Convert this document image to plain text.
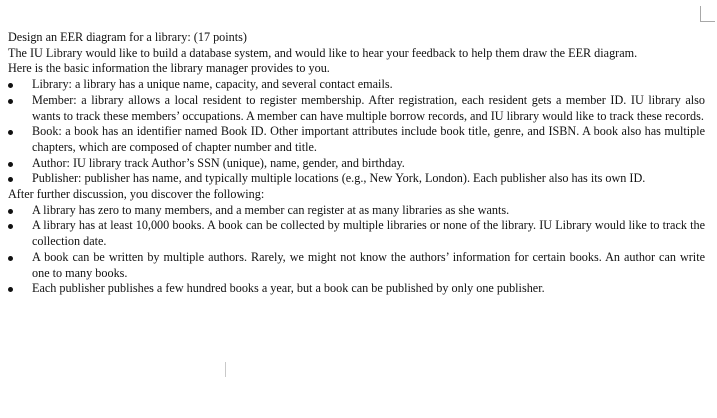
Design an EER diagram for a library: (17 points)

The IU Library would like to build a database system, and would like to hear your feedback to help them draw the EER diagram.

Here is the basic information the library manager provides to you.

Library: a library has a unique name, capacity, and several contact emails.
Member: a library allows a local resident to register membership. After registration, each resident gets a member ID. IU library also wants to track these members’ occupations. A member can have multiple borrow records, and IU library would like to track these records.
Book: a book has an identifier named Book ID. Other important attributes include book title, genre, and ISBN. A book also has multiple chapters, which are composed of chapter number and title.
Author: IU library track Author’s SSN (unique), name, gender, and birthday.
Publisher: publisher has name, and typically multiple locations (e.g., New York, London). Each publisher also has its own ID.

After further discussion, you discover the following:

A library has zero to many members, and a member can register at as many libraries as she wants.
A library has at least 10,000 books. A book can be collected by multiple libraries or none of the library. IU Library would like to track the collection date.
A book can be written by multiple authors. Rarely, we might not know the authors’ information for certain books. An author can write one to many books.
Each publisher publishes a few hundred books a year, but a book can be published by only one publisher.
